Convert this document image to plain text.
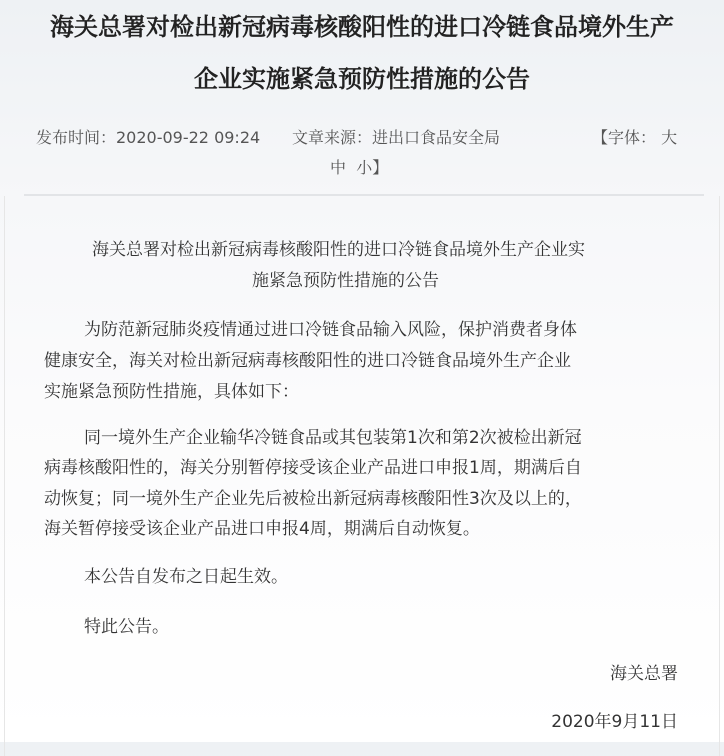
海关总署对检出新冠病毒核酸阳性的进口冷链食品境外生产
企业实施紧急预防性措施的公告
发布时间：2020-09-22 09:24 文章来源：进出口食品安全局	【字体： 大
中 小】
海关总署对检出新冠病毒核酸阳性的进口冷链食品境外生产企业实
施紧急预防性措施的公告
为防范新冠肺炎疫情通过进口冷链食品输入风险，保护消费者身体
健康安全，海关对检出新冠病毒核酸阳性的进口冷链食品境外生产企业
实施紧急预防性措施，具体如下：
同一境外生产企业输华冷链食品或其包装第1次和第2次被检出新冠
病毒核酸阳性的，海关分别暂停接受该企业产品进口申报1周，期满后自
动恢复；同一境外生产企业先后被检出新冠病毒核酸阳性3次及以上的，
海关暂停接受该企业产品进口申报4周，期满后自动恢复。
本公告自发布之日起生效。
特此公告。
海关总署
2020年9月11日
